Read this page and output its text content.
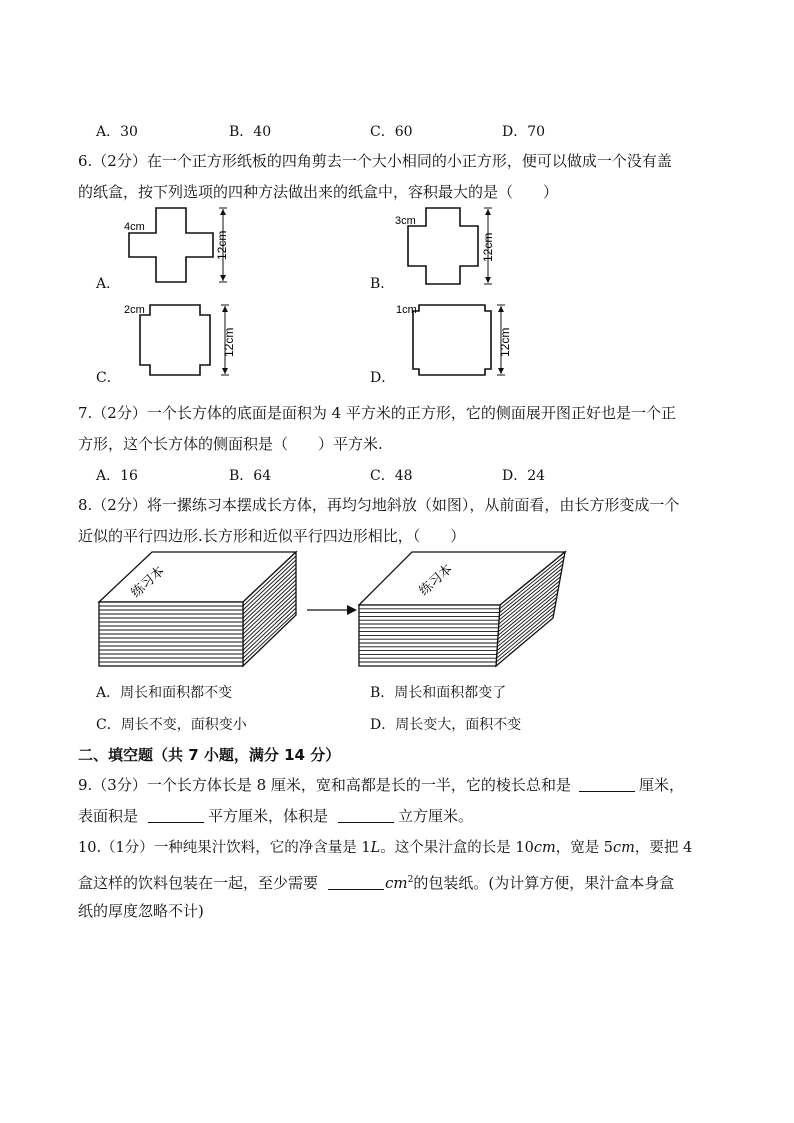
A．30	B．40	C．60	D．70
6.（2分）在一个正方形纸板的四角剪去一个大小相同的小正方形，便可以做成一个没有盖
的纸盒，按下列选项的四种方法做出来的纸盒中，容积最大的是（　　）
A．
4cm
12cm
B．
3cm
12cm
C．
2cm
12cm
D．
1cm
12cm
7.（2分）一个长方体的底面是面积为 4 平方米的正方形，它的侧面展开图正好也是一个正
方形，这个长方体的侧面积是（　　）平方米.
A．16	B．64	C．48	D．24
8.（2分）将一摞练习本摆成长方体，再均匀地斜放（如图），从前面看，由长方形变成一个
近似的平行四边形.长方形和近似平行四边形相比，（　　）
练习本	练习本
A．周长和面积都不变	B．周长和面积都变了
C．周长不变，面积变小	D．周长变大，面积不变
二、填空题（共 7 小题，满分 14 分）
9.（3分）一个长方体长是 8 厘米，宽和高都是长的一半，它的棱长总和是	厘米，
表面积是	平方厘米，体积是	立方厘米。
10.（1分）一种纯果汁饮料，它的净含量是 1L。这个果汁盒的长是 10cm，宽是 5cm，要把 4
盒这样的饮料包装在一起，至少需要	$cm^2$的包装纸。(为计算方便，果汁盒本身盒
纸的厚度忽略不计)
